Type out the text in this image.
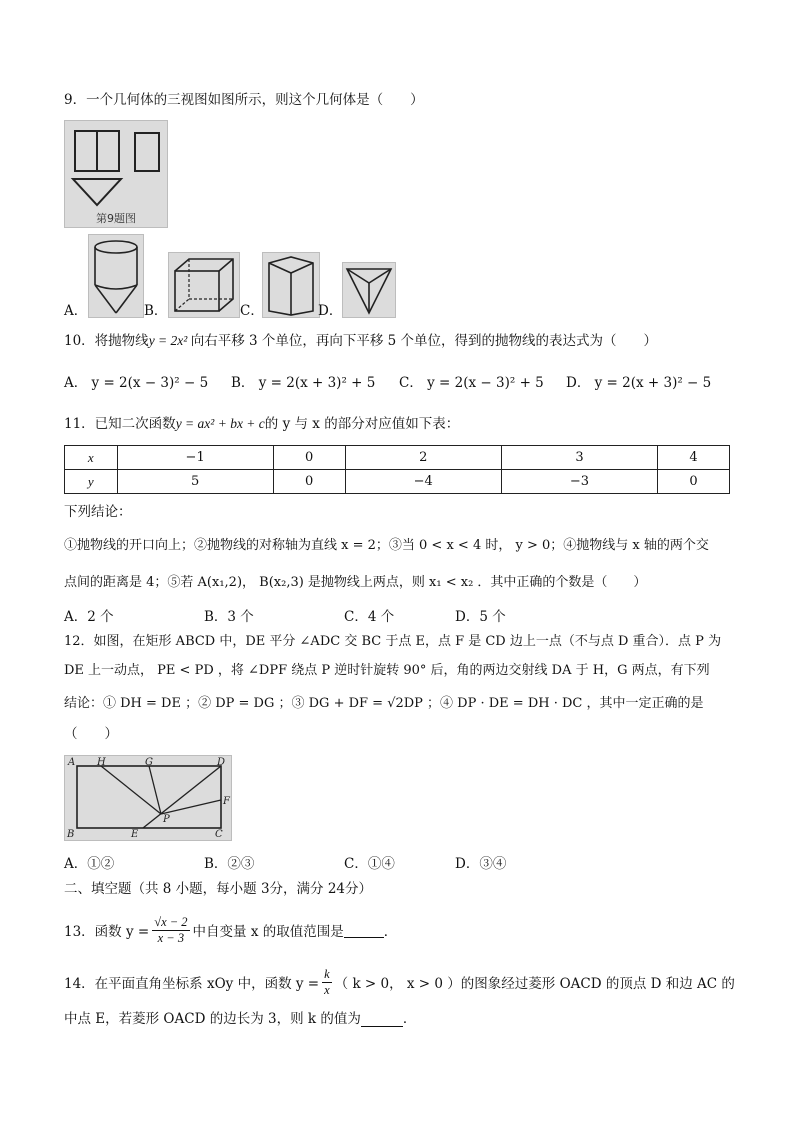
9．一个几何体的三视图如图所示，则这个几何体是（　　）
第9题图
A．	B．	C．	D．
10．将抛物线y = 2x² 向右平移 3 个单位，再向下平移 5 个单位，得到的抛物线的表达式为（　　）
A． y = 2(x − 3)² − 5 B． y = 2(x + 3)² + 5 C． y = 2(x − 3)² + 5 D． y = 2(x + 3)² − 5
11．已知二次函数y = ax² + bx + c的 y 与 x 的部分对应值如下表：
x	−1	0	2	3	4
y	5	0	−4	−3	0
下列结论：
①抛物线的开口向上；②抛物线的对称轴为直线 x = 2；③当 0 < x < 4 时， y > 0；④抛物线与 x 轴的两个交
点间的距离是 4；⑤若 A(x₁,2)， B(x₂,3) 是抛物线上两点，则 x₁ < x₂ ．其中正确的个数是（　　）
A．2 个	B．3 个	C．4 个	D．5 个
12．如图，在矩形 ABCD 中，DE 平分 ∠ADC 交 BC 于点 E，点 F 是 CD 边上一点（不与点 D 重合）．点 P 为
DE 上一动点， PE < PD ，将 ∠DPF 绕点 P 逆时针旋转 90° 后，角的两边交射线 DA 于 H，G 两点，有下列
结论：① DH = DE ；② DP = DG ；③ DG + DF = √2DP ；④ DP · DE = DH · DC ，其中一定正确的是
（　　）
A H	G	D
F
P
B	E	C
A．①②	B．②③	C．①④	D．③④
二、填空题（共 8 小题，每小题 3分，满分 24分）
13．函数 $y = \frac{√x - 2}{x - 3}$ 中自变量 x 的取值范围是	．
14．在平面直角坐标系 xOy 中，函数 $y = \frac{k}{x}$ （ k > 0， x > 0 ）的图象经过菱形 OACD 的顶点 D 和边 AC 的
中点 E，若菱形 OACD 的边长为 3，则 k 的值为	．
